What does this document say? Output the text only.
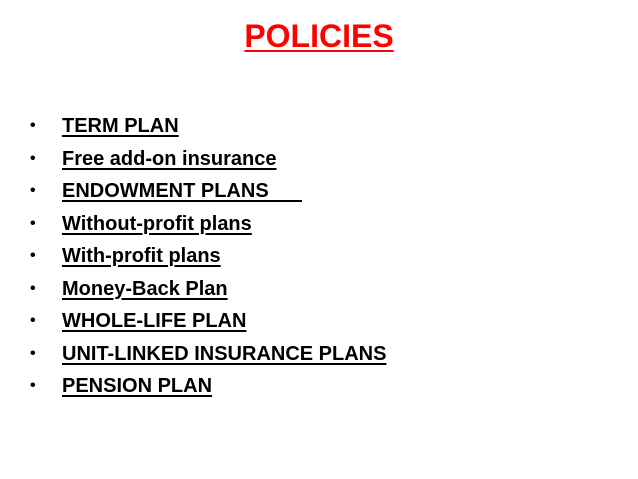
POLICIES
•	TERM PLAN
•	Free add-on insurance
•	ENDOWMENT PLANS
•	Without-profit plans
•	With-profit plans
•	Money-Back Plan
•	WHOLE-LIFE PLAN
•	UNIT-LINKED INSURANCE PLANS
•	PENSION PLAN
